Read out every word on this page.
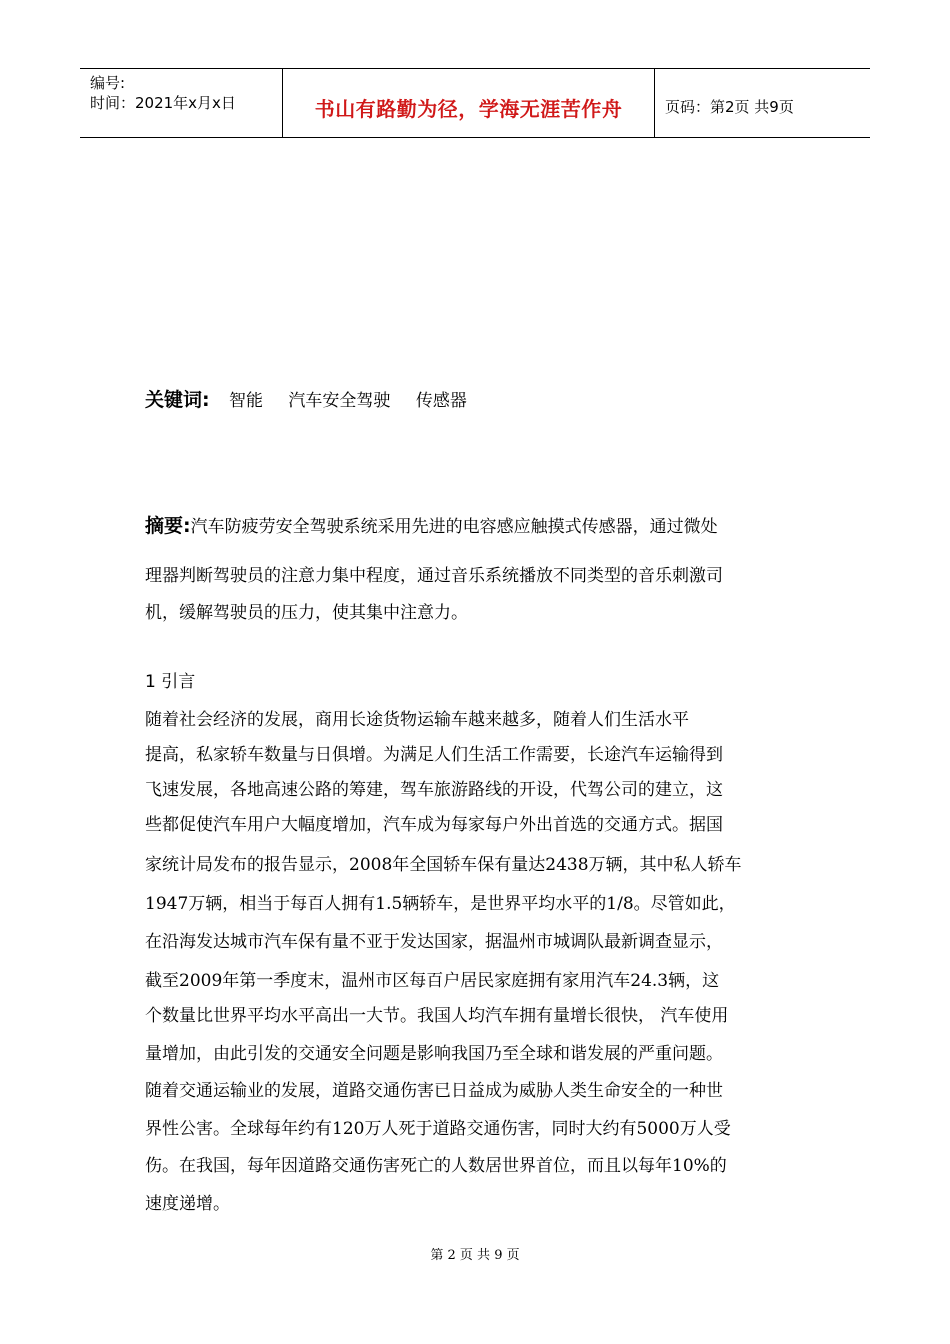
编号:
时间：2021年x月x日	书山有路勤为径，学海无涯苦作舟	页码：第2页 共9页
关键词: 智能 汽车安全驾驶 传感器
摘要:汽车防疲劳安全驾驶系统采用先进的电容感应触摸式传感器，通过微处
理器判断驾驶员的注意力集中程度，通过音乐系统播放不同类型的音乐刺激司
机，缓解驾驶员的压力，使其集中注意力。
1 引言
随着社会经济的发展，商用长途货物运输车越来越多，随着人们生活水平
提高，私家轿车数量与日俱增。为满足人们生活工作需要，长途汽车运输得到
飞速发展，各地高速公路的筹建，驾车旅游路线的开设，代驾公司的建立，这
些都促使汽车用户大幅度增加，汽车成为每家每户外出首选的交通方式。据国
家统计局发布的报告显示，2008年全国轿车保有量达2438万辆，其中私人轿车
1947万辆，相当于每百人拥有1.5辆轿车，是世界平均水平的1/8。尽管如此，
在沿海发达城市汽车保有量不亚于发达国家，据温州市城调队最新调查显示，
截至2009年第一季度末，温州市区每百户居民家庭拥有家用汽车24.3辆，这
个数量比世界平均水平高出一大节。我国人均汽车拥有量增长很快， 汽车使用
量增加，由此引发的交通安全问题是影响我国乃至全球和谐发展的严重问题。
随着交通运输业的发展，道路交通伤害已日益成为威胁人类生命安全的一种世
界性公害。全球每年约有120万人死于道路交通伤害，同时大约有5000万人受
伤。在我国，每年因道路交通伤害死亡的人数居世界首位，而且以每年10%的
速度递增。
第 2 页 共 9 页
